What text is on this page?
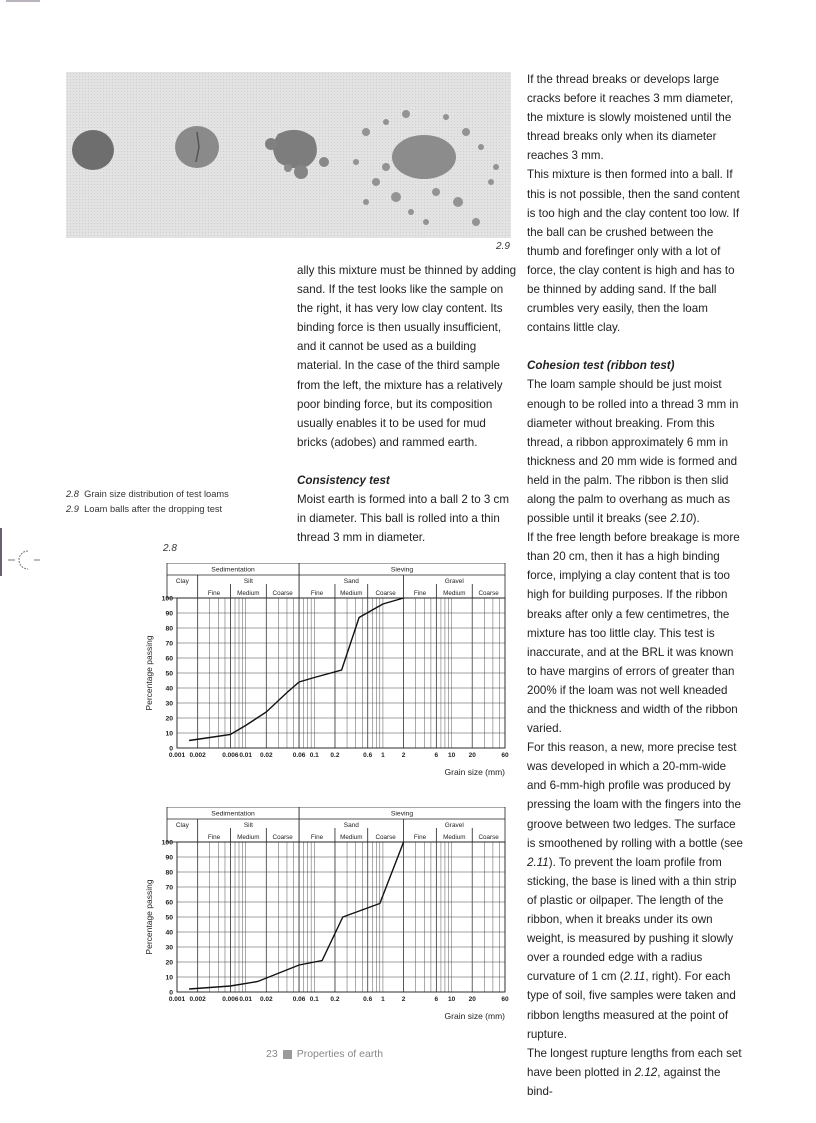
2.9

ally this mixture must be thinned by adding sand. If the test looks like the sample on the right, it has very low clay content. Its binding force is then usually insufficient, and it cannot be used as a building material. In the case of the third sample from the left, the mixture has a relatively poor binding force, but its composition usually enables it to be used for mud bricks (adobes) and rammed earth.

Consistency test

Moist earth is formed into a ball 2 to 3 cm in diameter. This ball is rolled into a thin thread 3 mm in diameter.

If the thread breaks or develops large cracks before it reaches 3 mm diameter, the mixture is slowly moistened until the thread breaks only when its diameter reaches 3 mm.

This mixture is then formed into a ball. If this is not possible, then the sand content is too high and the clay content too low. If the ball can be crushed between the thumb and forefinger only with a lot of force, the clay content is high and has to be thinned by adding sand. If the ball crumbles very easily, then the loam contains little clay.

Cohesion test (ribbon test)

The loam sample should be just moist enough to be rolled into a thread 3 mm in diameter without breaking. From this thread, a ribbon approximately 6 mm in thickness and 20 mm wide is formed and held in the palm. The ribbon is then slid along the palm to overhang as much as possible until it breaks (see 2.10).

If the free length before breakage is more than 20 cm, then it has a high binding force, implying a clay content that is too high for building purposes. If the ribbon breaks after only a few centimetres, the mixture has too little clay. This test is inaccurate, and at the BRL it was known to have margins of errors of greater than 200% if the loam was not well kneaded and the thickness and width of the ribbon varied.

For this reason, a new, more precise test was developed in which a 20-mm-wide and 6-mm-high profile was produced by pressing the loam with the fingers into the groove between two ledges. The surface is smoothened by rolling with a bottle (see 2.11). To prevent the loam profile from sticking, the base is lined with a thin strip of plastic or oilpaper. The length of the ribbon, when it breaks under its own weight, is measured by pushing it slowly over a rounded edge with a radius curvature of 1 cm (2.11, right). For each type of soil, five samples were taken and ribbon lengths measured at the point of rupture.

The longest rupture lengths from each set have been plotted in 2.12, against the bind-

2.8 Grain size distribution of test loams
2.9 Loam balls after the dropping test
2.8
Sedimentation	Sieving
Clay	Silt	Sand	Gravel
Fine	Medium Coarse	Fine	Medium Coarse	Fine	Medium Coarse
0
10
20
30
40
50
60
70
80
90
100
0.001 0.002	0.006 0.01 0.02	0.06 0.1 0.2	0.6 1	2	6 10 20	60
Grain size (mm)
Percentage passing
Sedimentation	Sieving
Clay	Silt	Sand	Gravel
Fine	Medium Coarse	Fine	Medium Coarse	Fine	Medium Coarse
0
10
20
30
40
50
60
70
80
90
100
0.001 0.002	0.006 0.01 0.02	0.06 0.1 0.2	0.6 1	2	6 10 20	60
Grain size (mm)
Percentage passing
23 Properties of earth
